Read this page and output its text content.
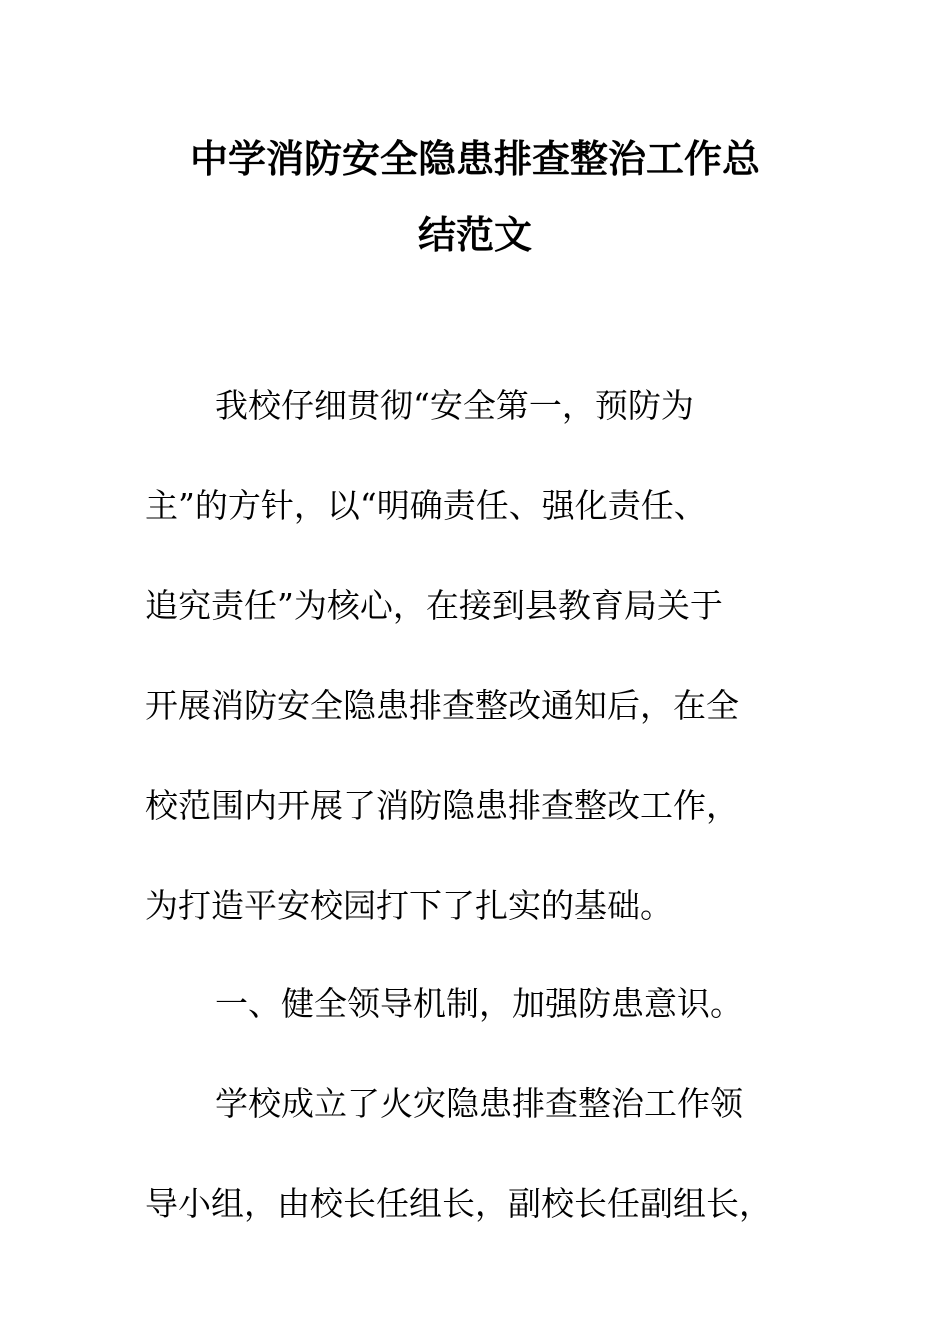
中学消防安全隐患排查整治工作总
结范文

我校仔细贯彻“安全第一，预防为

主”的方针，以“明确责任、强化责任、

追究责任”为核心，在接到县教育局关于

开展消防安全隐患排查整改通知后，在全

校范围内开展了消防隐患排查整改工作，

为打造平安校园打下了扎实的基础。

一、健全领导机制，加强防患意识。

学校成立了火灾隐患排查整治工作领

导小组，由校长任组长，副校长任副组长，
